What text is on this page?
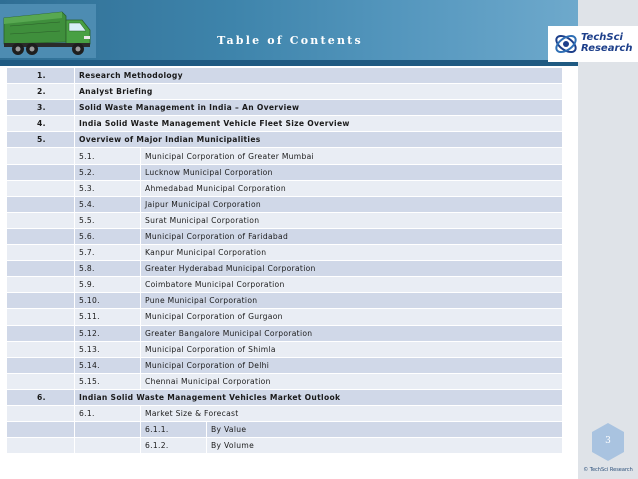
Table of Contents	TechSci
Research
1.	Research Methodology		
2.	Analyst Briefing		
3.	Solid Waste Management in India – An Overview		
4.	India Solid Waste Management Vehicle Fleet Size Overview		
5.	Overview of Major Indian Municipalities		
	5.1.	Municipal Corporation of Greater Mumbai	
	5.2.	Lucknow Municipal Corporation	
	5.3.	Ahmedabad Municipal Corporation	
	5.4.	Jaipur Municipal Corporation	
	5.5.	Surat Municipal Corporation	
	5.6.	Municipal Corporation of Faridabad	
	5.7.	Kanpur Municipal Corporation	
	5.8.	Greater Hyderabad Municipal Corporation	
	5.9.	Coimbatore Municipal Corporation	
	5.10.	Pune Municipal Corporation	
	5.11.	Municipal Corporation of Gurgaon	
	5.12.	Greater Bangalore Municipal Corporation	
	5.13.	Municipal Corporation of Shimla	
	5.14.	Municipal Corporation of Delhi	
	5.15.	Chennai Municipal Corporation	
6.	Indian Solid Waste Management Vehicles Market Outlook		
	6.1.	Market Size & Forecast	
		6.1.1.	By Value
		6.1.2.	By Volume	3
© TechSci Research
